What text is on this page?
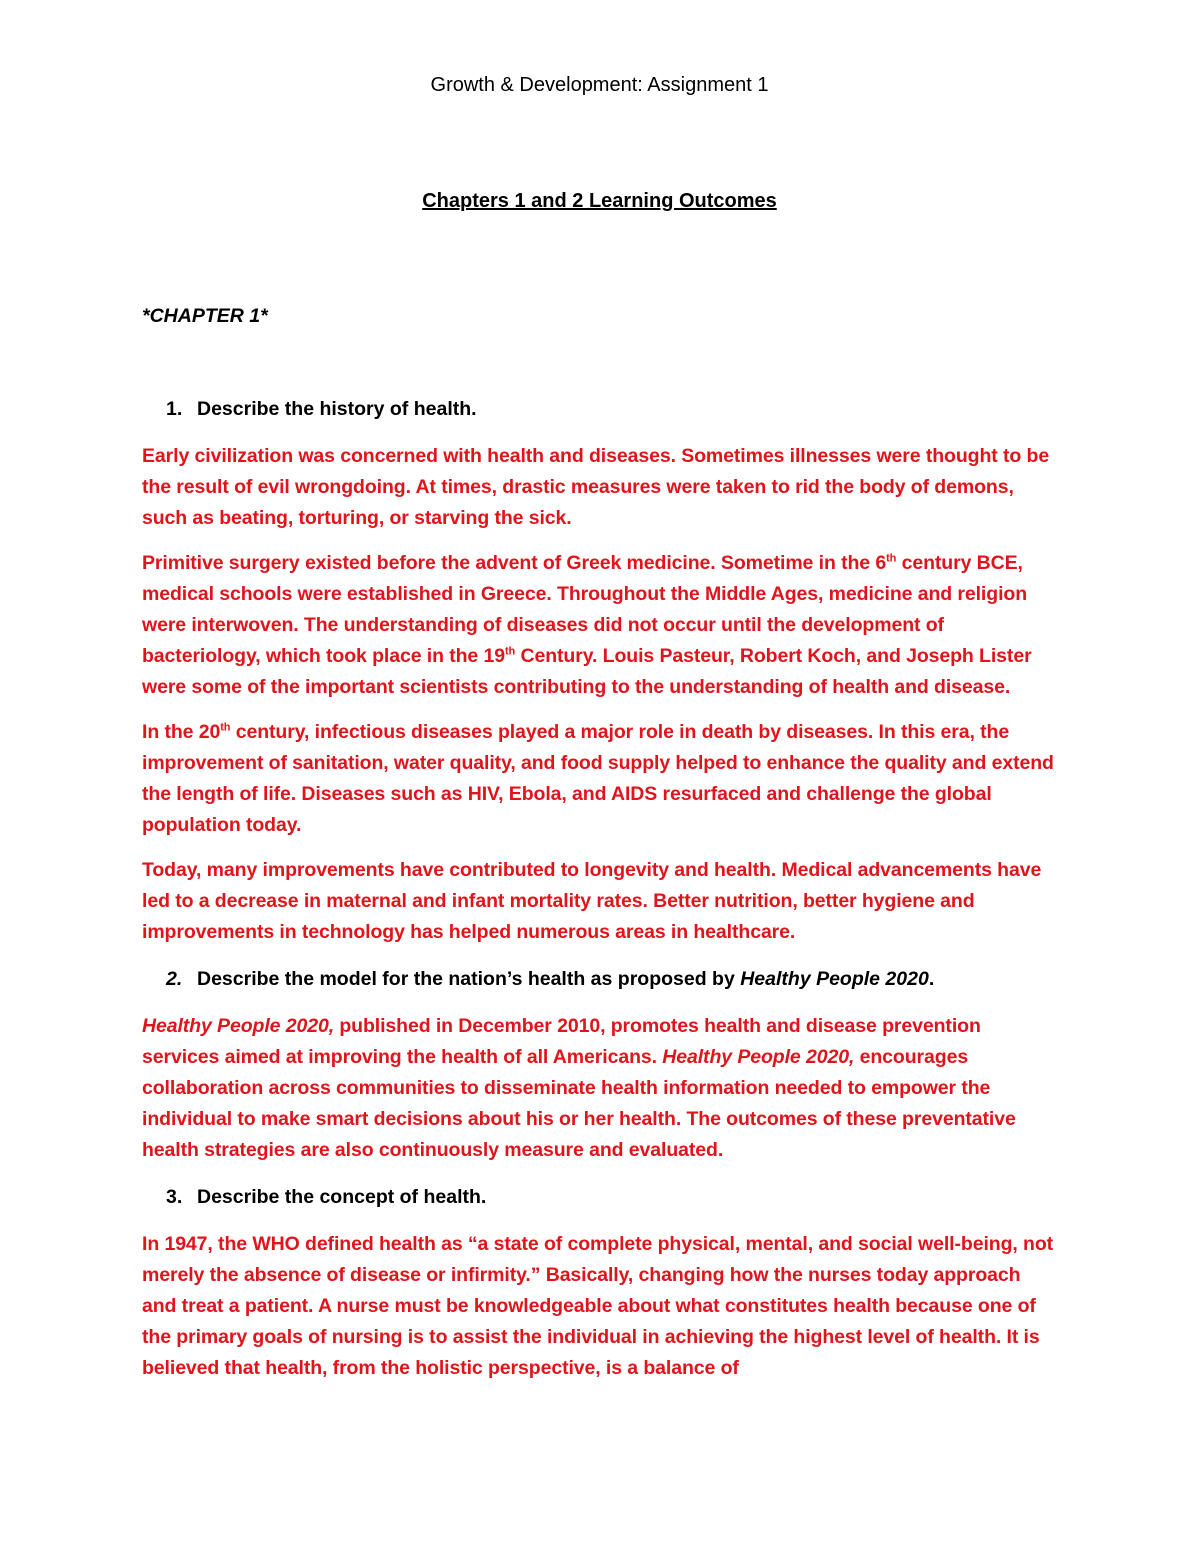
Growth & Development: Assignment 1

Chapters 1 and 2 Learning Outcomes

*CHAPTER 1*

1. Describe the history of health.

Early civilization was concerned with health and diseases. Sometimes illnesses were thought to be the result of evil wrongdoing. At times, drastic measures were taken to rid the body of demons, such as beating, torturing, or starving the sick.

Primitive surgery existed before the advent of Greek medicine. Sometime in the 6th century BCE, medical schools were established in Greece. Throughout the Middle Ages, medicine and religion were interwoven. The understanding of diseases did not occur until the development of bacteriology, which took place in the 19th Century. Louis Pasteur, Robert Koch, and Joseph Lister were some of the important scientists contributing to the understanding of health and disease.

In the 20th century, infectious diseases played a major role in death by diseases. In this era, the improvement of sanitation, water quality, and food supply helped to enhance the quality and extend the length of life. Diseases such as HIV, Ebola, and AIDS resurfaced and challenge the global population today.

Today, many improvements have contributed to longevity and health. Medical advancements have led to a decrease in maternal and infant mortality rates. Better nutrition, better hygiene and improvements in technology has helped numerous areas in healthcare.

2. Describe the model for the nation’s health as proposed by Healthy People 2020.

Healthy People 2020, published in December 2010, promotes health and disease prevention services aimed at improving the health of all Americans. Healthy People 2020, encourages collaboration across communities to disseminate health information needed to empower the individual to make smart decisions about his or her health. The outcomes of these preventative health strategies are also continuously measure and evaluated.

3. Describe the concept of health.

In 1947, the WHO defined health as “a state of complete physical, mental, and social well-being, not merely the absence of disease or infirmity.” Basically, changing how the nurses today approach and treat a patient. A nurse must be knowledgeable about what constitutes health because one of the primary goals of nursing is to assist the individual in achieving the highest level of health. It is believed that health, from the holistic perspective, is a balance of
